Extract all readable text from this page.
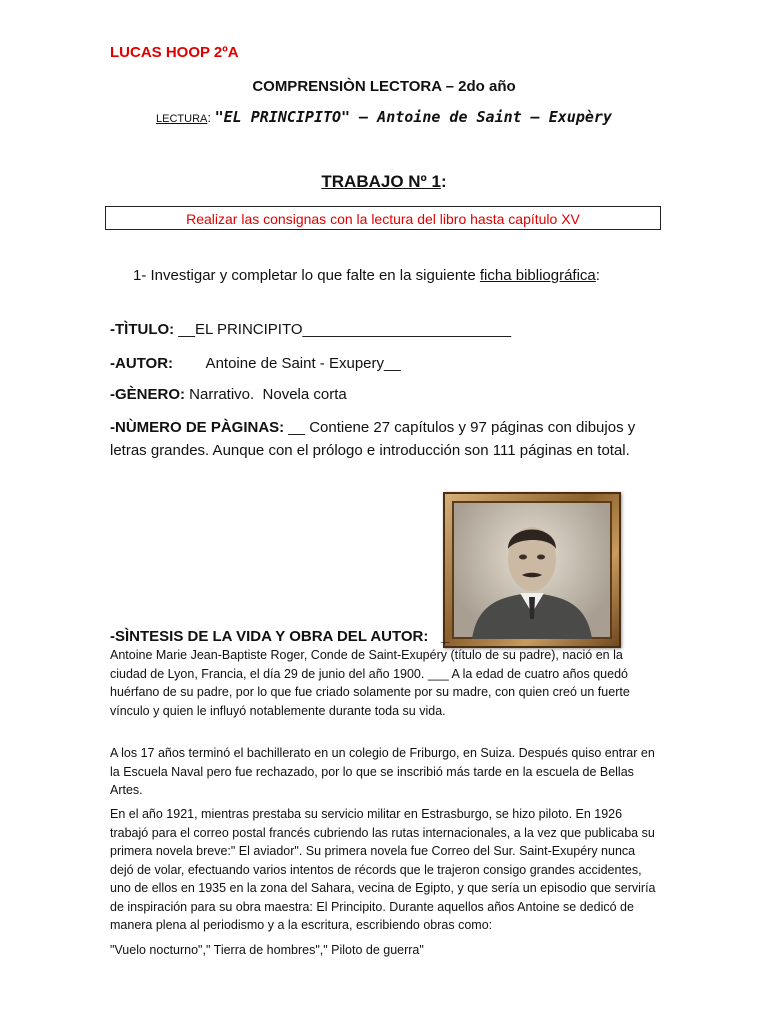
LUCAS HOOP 2ºA
COMPRENSIÒN LECTORA – 2do año
LECTURA: "EL PRINCIPITO" – Antoine de Saint – Exupèry
TRABAJO Nº 1:
Realizar las consignas con la lectura del libro hasta capítulo XV
1- Investigar y completar lo que falte en la siguiente ficha bibliográfica:
-TÌTULO: __EL PRINCIPITO_________________________
-AUTOR:        Antoine de Saint - Exupery__
-GÈNERO: Narrativo.  Novela corta
-NÙMERO DE PÀGINAS: __ Contiene 27 capítulos y 97 páginas con dibujos y letras grandes. Aunque con el prólogo e introducción son 111 páginas en total.
-SÌNTESIS DE LA VIDA Y OBRA DEL AUTOR:   _
Antoine Marie Jean-Baptiste Roger, Conde de Saint-Exupéry (título de su padre), nació en la ciudad de Lyon, Francia, el día 29 de junio del año 1900. ___ A la edad de cuatro años quedó huérfano de su padre, por lo que fue criado solamente por su madre, con quien creó un fuerte vínculo y quien le influyó notablemente durante toda su vida.
A los 17 años terminó el bachillerato en un colegio de Friburgo, en Suiza. Después quiso entrar en la Escuela Naval pero fue rechazado, por lo que se inscribió más tarde en la escuela de Bellas Artes.
En el año 1921, mientras prestaba su servicio militar en Estrasburgo, se hizo piloto. En 1926 trabajó para el correo postal francés cubriendo las rutas internacionales, a la vez que publicaba su primera novela breve:" El aviador". Su primera novela fue Correo del Sur. Saint-Exupéry nunca dejó de volar, efectuando varios intentos de récords que le trajeron consigo grandes accidentes, uno de ellos en 1935 en la zona del Sahara, vecina de Egipto, y que sería un episodio que serviría de inspiración para su obra maestra: El Principito. Durante aquellos años Antoine se dedicó de manera plena al periodismo y a la escritura, escribiendo obras como:
"Vuelo nocturno"," Tierra de hombres"," Piloto de guerra"
